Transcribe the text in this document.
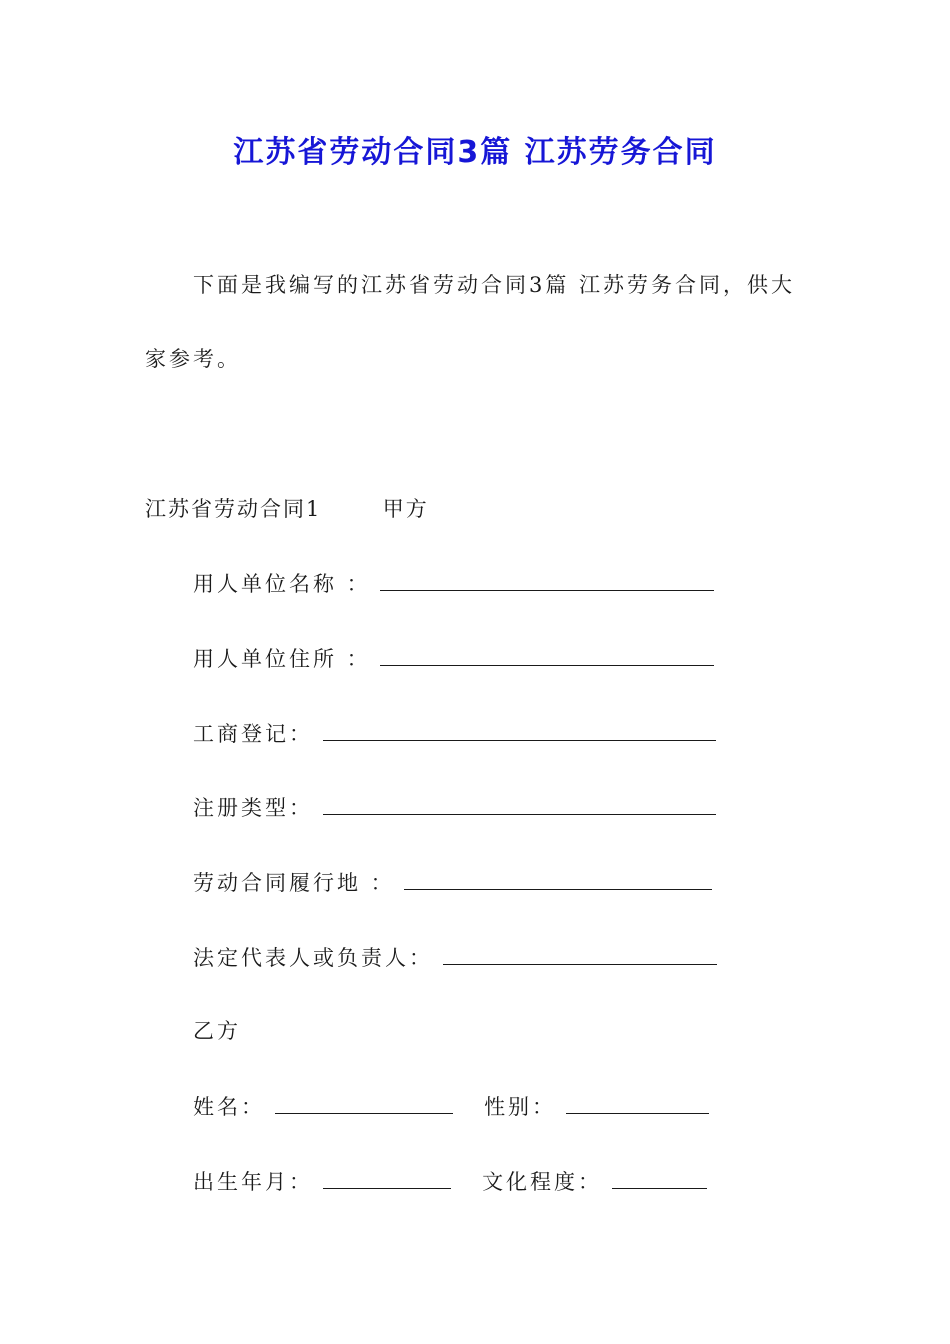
江苏省劳动合同3篇 江苏劳务合同
下面是我编写的江苏省劳动合同3篇 江苏劳务合同，供大
家参考。
江苏省劳动合同1	甲方
用人单位名称 ：
用人单位住所 ：
工商登记：
注册类型：
劳动合同履行地 ：
法定代表人或负责人：
乙方
姓名：	性别：
出生年月：	文化程度：
